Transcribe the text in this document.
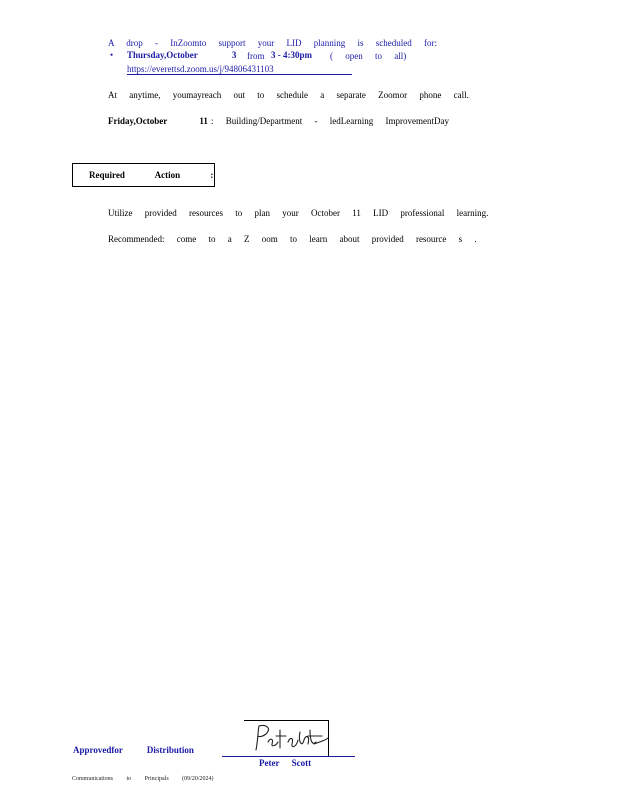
A drop - InZoomto support your LID planning is scheduled for:
• Thursday,October 3 from 3 - 4:30pm ( open to all)
https://everettsd.zoom.us/j/94806431103
At anytime, youmayreach out to schedule a separate Zoomor phone call.
Friday,October 11 : Building/Department - ledLearning ImprovementDay
Required Action :
Utilize provided resources to plan your October 11 LID professional learning.
Recommended: come to a Z oom to learn about provided resource s .
Approvedfor Distribution
Peter Scott
Communications to Principals (09/20/2024)
